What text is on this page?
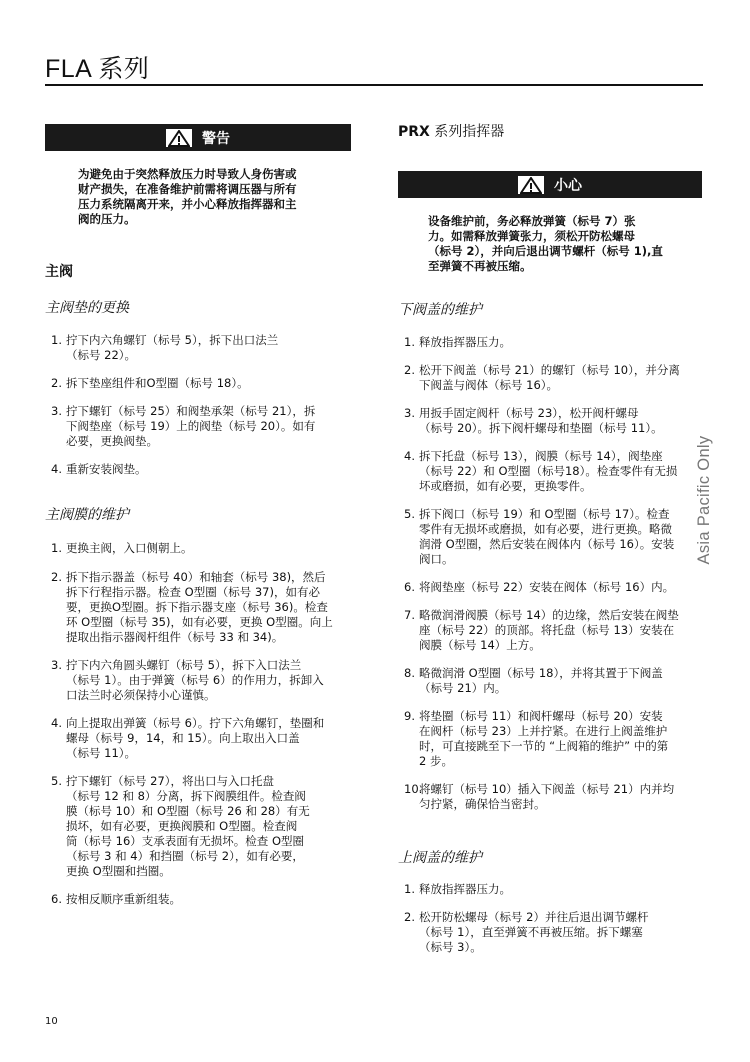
FLA 系列
警告
为避免由于突然释放压力时导致人身伤害或
财产损失，在准备维护前需将调压器与所有
压力系统隔离开来，并小心释放指挥器和主
阀的压力。
主阀
主阀垫的更换
1. 拧下内六角螺钉（标号 5），拆下出口法兰
（标号 22）。
2. 拆下垫座组件和O型圈（标号 18）。
3. 拧下螺钉（标号 25）和阀垫承架（标号 21），拆
下阀垫座（标号 19）上的阀垫（标号 20）。如有
必要，更换阀垫。
4. 重新安装阀垫。
主阀膜的维护
1. 更换主阀，入口侧朝上。
2. 拆下指示器盖（标号 40）和轴套（标号 38)，然后
拆下行程指示器。检查 O型圈（标号 37)，如有必
要，更换O型圈。拆下指示器支座（标号 36)。检查
环 O型圈（标号 35)，如有必要，更换 O型圈。向上
提取出指示器阀杆组件（标号 33 和 34)。
3. 拧下内六角圆头螺钉（标号 5），拆下入口法兰
（标号 1）。由于弹簧（标号 6）的作用力，拆卸入
口法兰时必须保持小心谨慎。
4. 向上提取出弹簧（标号 6）。拧下六角螺钉，垫圈和
螺母（标号 9，14，和 15）。向上取出入口盖
（标号 11）。
5. 拧下螺钉（标号 27），将出口与入口托盘
（标号 12 和 8）分离，拆下阀膜组件。检查阀
膜（标号 10）和 O型圈（标号 26 和 28）有无
损坏，如有必要，更换阀膜和 O型圈。检查阀
筒（标号 16）支承表面有无损坏。检查 O型圈
（标号 3 和 4）和挡圈（标号 2），如有必要，
更换 O型圈和挡圈。
6. 按相反顺序重新组装。
PRX 系列指挥器
小心
设备维护前，务必释放弹簧（标号 7）张
力。如需释放弹簧张力，须松开防松螺母
（标号 2），并向后退出调节螺杆（标号 1),直
至弹簧不再被压缩。
下阀盖的维护
1. 释放指挥器压力。
2. 松开下阀盖（标号 21）的螺钉（标号 10），并分离
下阀盖与阀体（标号 16）。
3. 用扳手固定阀杆（标号 23），松开阀杆螺母
（标号 20）。拆下阀杆螺母和垫圈（标号 11）。
4. 拆下托盘（标号 13），阀膜（标号 14），阀垫座
（标号 22）和 O型圈（标号18）。检查零件有无损
坏或磨损，如有必要，更换零件。
5. 拆下阀口（标号 19）和 O型圈（标号 17）。检查
零件有无损坏或磨损，如有必要，进行更换。略微
润滑 O型圈，然后安装在阀体内（标号 16）。安装
阀口。
6. 将阀垫座（标号 22）安装在阀体（标号 16）内。
7. 略微润滑阀膜（标号 14）的边缘，然后安装在阀垫
座（标号 22）的顶部。将托盘（标号 13）安装在
阀膜（标号 14）上方。
8. 略微润滑 O型圈（标号 18），并将其置于下阀盖
（标号 21）内。
9. 将垫圈（标号 11）和阀杆螺母（标号 20）安装
在阀杆（标号 23）上并拧紧。在进行上阀盖维护
时，可直接跳至下一节的 “上阀箱的维护” 中的第
2 步。
10.
将螺钉（标号 10）插入下阀盖（标号 21）内并均
匀拧紧，确保恰当密封。
上阀盖的维护
1. 释放指挥器压力。
2. 松开防松螺母（标号 2）并往后退出调节螺杆
（标号 1），直至弹簧不再被压缩。拆下螺塞
（标号 3）。
Asia Pacific Only
10
